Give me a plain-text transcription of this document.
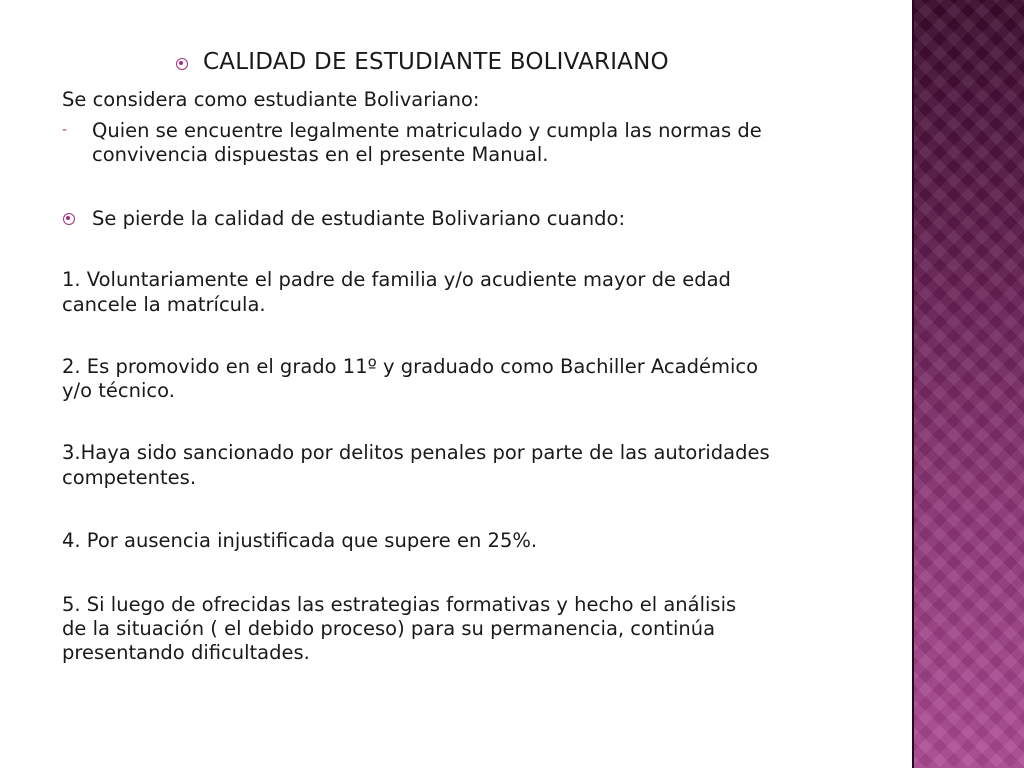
CALIDAD DE ESTUDIANTE BOLIVARIANO
Se considera como estudiante Bolivariano:
- Quien se encuentre legalmente matriculado y cumpla las normas de
convivencia dispuestas en el presente Manual.
Se pierde la calidad de estudiante Bolivariano cuando:
1. Voluntariamente el padre de familia y/o acudiente mayor de edad
cancele la matrícula.
2. Es promovido en el grado 11º y graduado como Bachiller Académico
y/o técnico.
3.Haya sido sancionado por delitos penales por parte de las autoridades
competentes.
4. Por ausencia injustificada que supere en 25%.
5. Si luego de ofrecidas las estrategias formativas y hecho el análisis
de la situación ( el debido proceso) para su permanencia, continúa
presentando dificultades.
